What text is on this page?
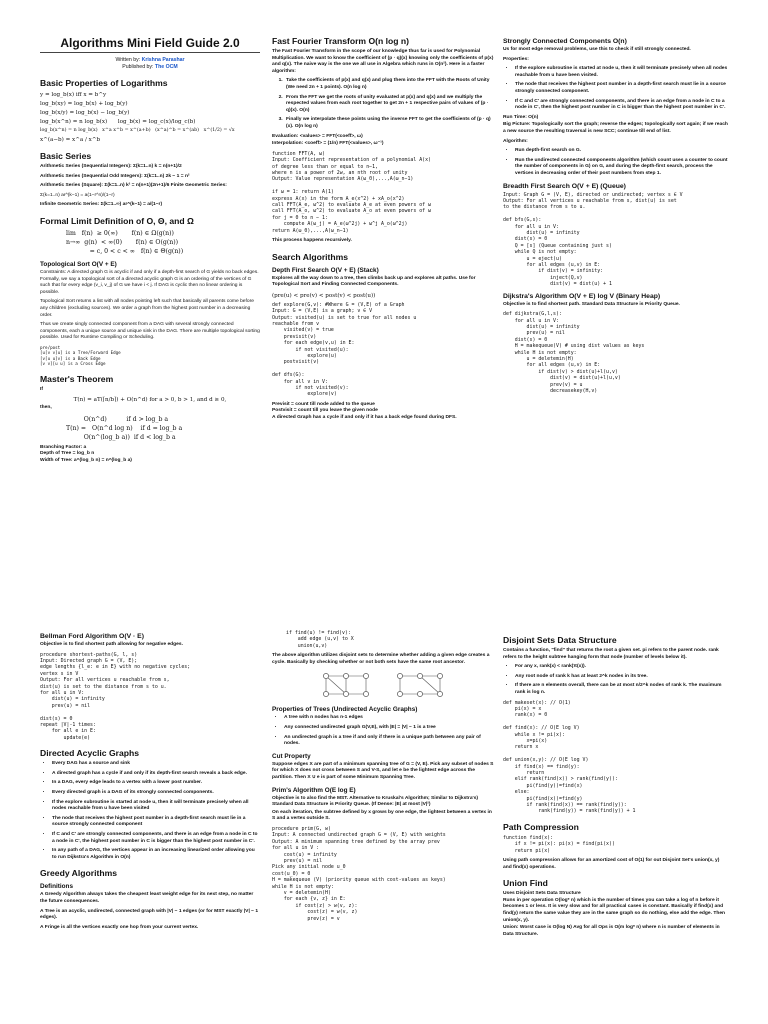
Algorithms Mini Field Guide 2.0
Written by: Krishna Parashar
Published by: The OCM
Basic Properties of Logarithms
y = log_b(x) iff x = b^y
log_b(xy) = log_b(x) + log_b(y)
log_b(x/y) = log_b(x) − log_b(y)
log_b(x^n) = n log_b(x)      log_b(x) = log_c(x)/log_c(b)
log_b(x^n) = n log_b(x)   x^a x^b = x^(a+b)   (x^a)^b = x^(ab)   x^(1/2) = √x
x^(a−b) = x^a / x^b
Basic Series

Arithmetic Series (Sequential Integers): Σ(k=1..n) k = n(n+1)/2

Arithmetic Series (Sequential Odd Integers): Σ(k=1..n) 2k − 1 = n²

Arithmetic Series (Square): Σ(k=1..n) k² = n(n+1)(2n+1)/6 Finite Geometric Series:

Σ(k=1..n) ar^(k−1) = a(1−r^n)/(1−r)

Infinite Geometric Series: Σ(k=1..∞) ar^(k−1) = a/(1−r)

Formal Limit Definition of O, Θ, and Ω
lim   f(n)  ≥ 0(∞)       f(n) ∈ Ω(g(n))
n→∞  g(n)  < ∞(0)       f(n) ∈ O(g(n))
= c, 0 < c < ∞   f(n) ∈ Θ(g(n))
Topological Sort O(V + E)

Constraints: A directed graph G is acyclic if and only if a depth-first search of G yields no back edges. Formally, we say a topological sort of a directed acyclic graph G is an ordering of the vertices of G such that for every edge (v_i, v_j) of G we have i < j. If DAG is cyclic then no linear ordering is possible.

Topological Sort returns a list with all nodes pointing left such that basically all parents come before any children (excluding sources). We order a graph from the highest post number in a decreasing order.

Thus we create singly connected component from a DAG with several strongly connected components, each a unique source and unique sink in the DAG. There are multiple topological sorting possible. Used for Runtime Compiling or Scheduling.

pre/post
[u[v v]u] is a Tree/Forward Edge
[v[u u]v] is a Back Edge
[v v][u u] is a Cross Edge
Master's Theorem

If

T(n) = aT(⌈n/b⌉) + O(n^d) for a > 0, b > 1, and d ≥ 0,

then,

O(n^d)          if d > log_b a
T(n) =   O(n^d log n)    if d = log_b a
O(n^(log_b a))  if d < log_b a

Branching Factor: a

Depth of Tree = log_b n

Width of Tree: a^(log_b n) = n^(log_b a)

Fast Fourier Transform O(n log n)

The Fast Fourier Transform in the scope of our knowledge thus far is used for Polynomial Multiplication. We want to know the coefficient of (p · q)(x) knowing only the coefficients of p(x) and q(x). The naive way is the one we all use in Algebra which runs in O(n²). Here is a faster algorithm:

1. Take the coefficients of p(x) and q(x) and plug them into the FFT with the Roots of Unity (We need 2n + 1 points). O(n log n)
2. From the FFT we get the roots of unity evaluated at p(x) and q(x) and we multiply the respected values from each root together to get 2n + 1 respective pairs of values of (p · q)(x). O(n)
3. Finally we interpolate these points using the inverse FFT to get the coefficients of (p · q)(x). O(n log n)

Evaluation: <values> = FFT(<coeff>, ω)

Interpolation: <coeff> = (1/n) FFT(<values>, ω⁻¹)

function FFT(A, ω)
Input: Coefficient representation of a polynomial A(x)
of degree less than or equal to n−1,
where n is a power of 2w, an nth root of unity
Output: Value representation A(ω_0),...,A(ω_n−1)

if ω = 1: return A(1)
express A(x) in the form A_e(x^2) + xA_o(x^2)
call FFT(A_e, ω^2) to evaluate A_e at even powers of ω
call FFT(A_o, ω^2) to evaluate A_o at even powers of ω
for j = 0 to n − 1:
compute A(ω_j) = A_e(ω^2j) + ω^j A_o(ω^2j)
return A(ω_0),...,A(ω_n−1)

This process happens recursively.

Search Algorithms
Depth First Search O(V + E) (Stack)

Explores all the way down to a tree, then climbs back up and explores alt paths. Use for Topological Sort and Finding Connected Components.

(pre(u) < pre(v) < post(v) < post(u))
def explore(G,v): #Where G = (V,E) of a Graph
Input: G = (V,E) is a graph; v ∈ V
Output: visited(u) is set to true for all nodes u
reachable from v
visited(v) = true
previsit(v)
for each edge(v,u) in E:
if not visited(u):
explore(u)
postvisit(v)

def dfs(G):
for all v in V:
if not visited(v):
explore(v)

Previsit = count till node added to the queue

Postvisit = count till you leave the given node

A directed Graph has a cycle if and only if it has a back edge found during DFS.

Strongly Connected Components O(n)

Us for most edge removal problems, use this to check if still strongly connected.

Properties:

• If the explore subroutine is started at node u, then it will terminate precisely when all nodes reachable from u have been visited.
• The node that receives the highest post number in a depth-first search must lie in a source strongly connected component.
• If C and C' are strongly connected components, and there is an edge from a node in C to a node in C', then the highest post number in C is bigger than the highest post number in C'.

Run Time: O(n)

Big Picture: Topologically sort the graph; reverse the edges; topologically sort again; if we reach a new source the resulting traversal is new SCC; continue till end of list.

Algorithm:

• Run depth-first search on G.
• Run the undirected connected components algorithm (which count uses a counter to count the number of components in G) on G, and during the depth-first search, process the vertices in decreasing order of their post numbers from step 1.
Breadth First Search O(V + E) (Queue)
Input: Graph G = (V, E), directed or undirected; vertex s ∈ V
Output: For all vertices u reachable from s, dist(u) is set
to the distance from s to u.

def bfs(G,s):
for all u in V:
dist(u) = infinity
dist(s) = 0
Q = [s] (Queue containing just s)
while Q is not empty:
u = eject(u)
for all edges (u,v) in E:
if dist(v) = infinity:
inject(Q,v)
dist(v) = dist(u) + 1
Dijkstra's Algorithm O(V + E) log V (Binary Heap)

Objective is to find shortest path. Standard Data Structure is Priority Queue.

def dijkstra(G,l,s):
for all u in V:
dist(u) = infinity
prev(u) = nil
dist(s) = 0
H = makequeue(V) # using dist values as keys
while H is not empty:
u = deletemin(H)
for all edges (u,v) in E:
if dist(v) > dist(u)+l(u,v)
dist(v) = dist(u)+l(u,v)
prev(v) = u
decreasekey(H,v)
Bellman Ford Algorithm O(V · E)

Objective is to find shortest path allowing for negative edges.

procedure shortest-paths(G, l, s)
Input: Directed graph G = (V, E);
edge lengths {l_e: e in E} with no negative cycles;
vertex s in V
Output: For all vertices u reachable from s,
dist(u) is set to the distance from s to u.
for all u in V:
dist(u) = infinity
prev(u) = nil

dist(s) = 0
repeat |V|-1 times:
for all e in E:
update(e)
Directed Acyclic Graphs
• Every DAG has a source and sink
• A directed graph has a cycle if and only if its depth-first search reveals a back edge.
• In a DAG, every edge leads to a vertex with a lower post number.
• Every directed graph is a DAG of its strongly connected components.
• If the explore subroutine is started at node u, then it will terminate precisely when all nodes reachable from u have been visited
• The node that receives the highest post number in a depth-first search must lie in a source strongly connected component
• If C and C' are strongly connected components, and there is an edge from a node in C to a node in C', the highest post number in C is bigger than the highest post number in C'.
• In any path of a DAG, the vertices appear in an increasing linearized order allowing you to run Dijkstra's Algorithm in O(n)
Greedy Algorithms
Definitions

A Greedy Algorithm always takes the cheapest least weight edge for its next step, no matter the future consequences.

A Tree is an acyclic, undirected, connected graph with |V| − 1 edges (or for MST exactly |V| − 1 edges).

A Fringe is all the vertices exactly one hop from your current vertex.

if find(u) != find(v):
add edge (u,v) to X
union(u,v)

The above algorithm utilizes disjoint sets to determine whether adding a given edge creates a cycle. Basically by checking whether or not both sets have the same root ancestor.

Properties of Trees (Undirected Acyclic Graphs)
• A tree with n nodes has n-1 edges
• Any connected undirected graph G(V,E), with |E| = |V| − 1 is a tree
• An undirected graph is a tree if and only if there is a unique path between any pair of nodes.
Cut Property

Suppose edges X are part of a minimum spanning tree of G = (V, E). Pick any subset of nodes S for which X does not cross between S and V-S, and let e be the lightest edge across the partition. Then X ∪ e is part of some Minimum Spanning Tree.

Prim's Algorithm O(E log E)

Objective is to also find the MST. Alternative to Kruskal's Algorithm; Similar to Dijkstra's)

Standard Data Structure is Priority Queue. (If Dense: |E| at most |V|²)

On each iteration, the subtree defined by x grows by one edge, the lightest between a vertex in S and a vertex outside S.

procedure prim(G, w)
Input: A connected undirected graph G = (V, E) with weights
Output: A minimum spanning tree defined by the array prev
for all u in V :
cost(u) = infinity
prev(u) = nil
Pick any initial node u_0
cost(u_0) = 0
H = makequeue (V) (priority queue with cost-values as keys)
while H is not empty:
v = deletemin(H)
for each {v, z} in E:
if cost(z) > w(v, z):
cost(z) = w(v, z)
prev(z) = v
Disjoint Sets Data Structure

Contains a function, "find" that returns the root a given set. pi refers to the parent node. rank refers to the height subtree hanging form that node (number of levels below it).

• For any x, rank(x) < rank(π(x)).
• Any root node of rank k has at least 2^k nodes in its tree.
• If there are n elements overall, there can be at most n/2^k nodes of rank k. The maximum rank is log n.
def makeset(x): // O(1)
pi(x) = x
rank(x) = 0

def find(x): // O(E log V)
while x != pi(x):
x=pi(x)
return x

def union(x,y): // O(E log V)
if find(x) == find(y):
return
elif rank(find(x)) > rank(find(y)):
pi(find(y))=find(x)
else:
pi(find(x))=find(y)
if rank(find(x)) == rank(find(y)):
rank(find(y)) = rank(find(y)) + 1
Path Compression
function find(x):
if x != pi(x): pi(x) = find(pi(x))
return pi(x)

Using path compression allows for an amortized cost of O(1) for out Disjoint Set's union(x, y) and find(x) operations.

Union Find

Uses Disjoint Sets Data Structure

Runs in per operation O(log* n) which is the number of times you can take a log of n before it becomes 1 or less. It is very slow and for all practical cases is constant. Basically if find(x) and find(y) return the same value they are in the same graph so do nothing, else add the edge. Then union(x, y).

Union: Worst case is O(log N) Avg for all Ops is O(m log* n) where n is number of elements in Data Structure.
